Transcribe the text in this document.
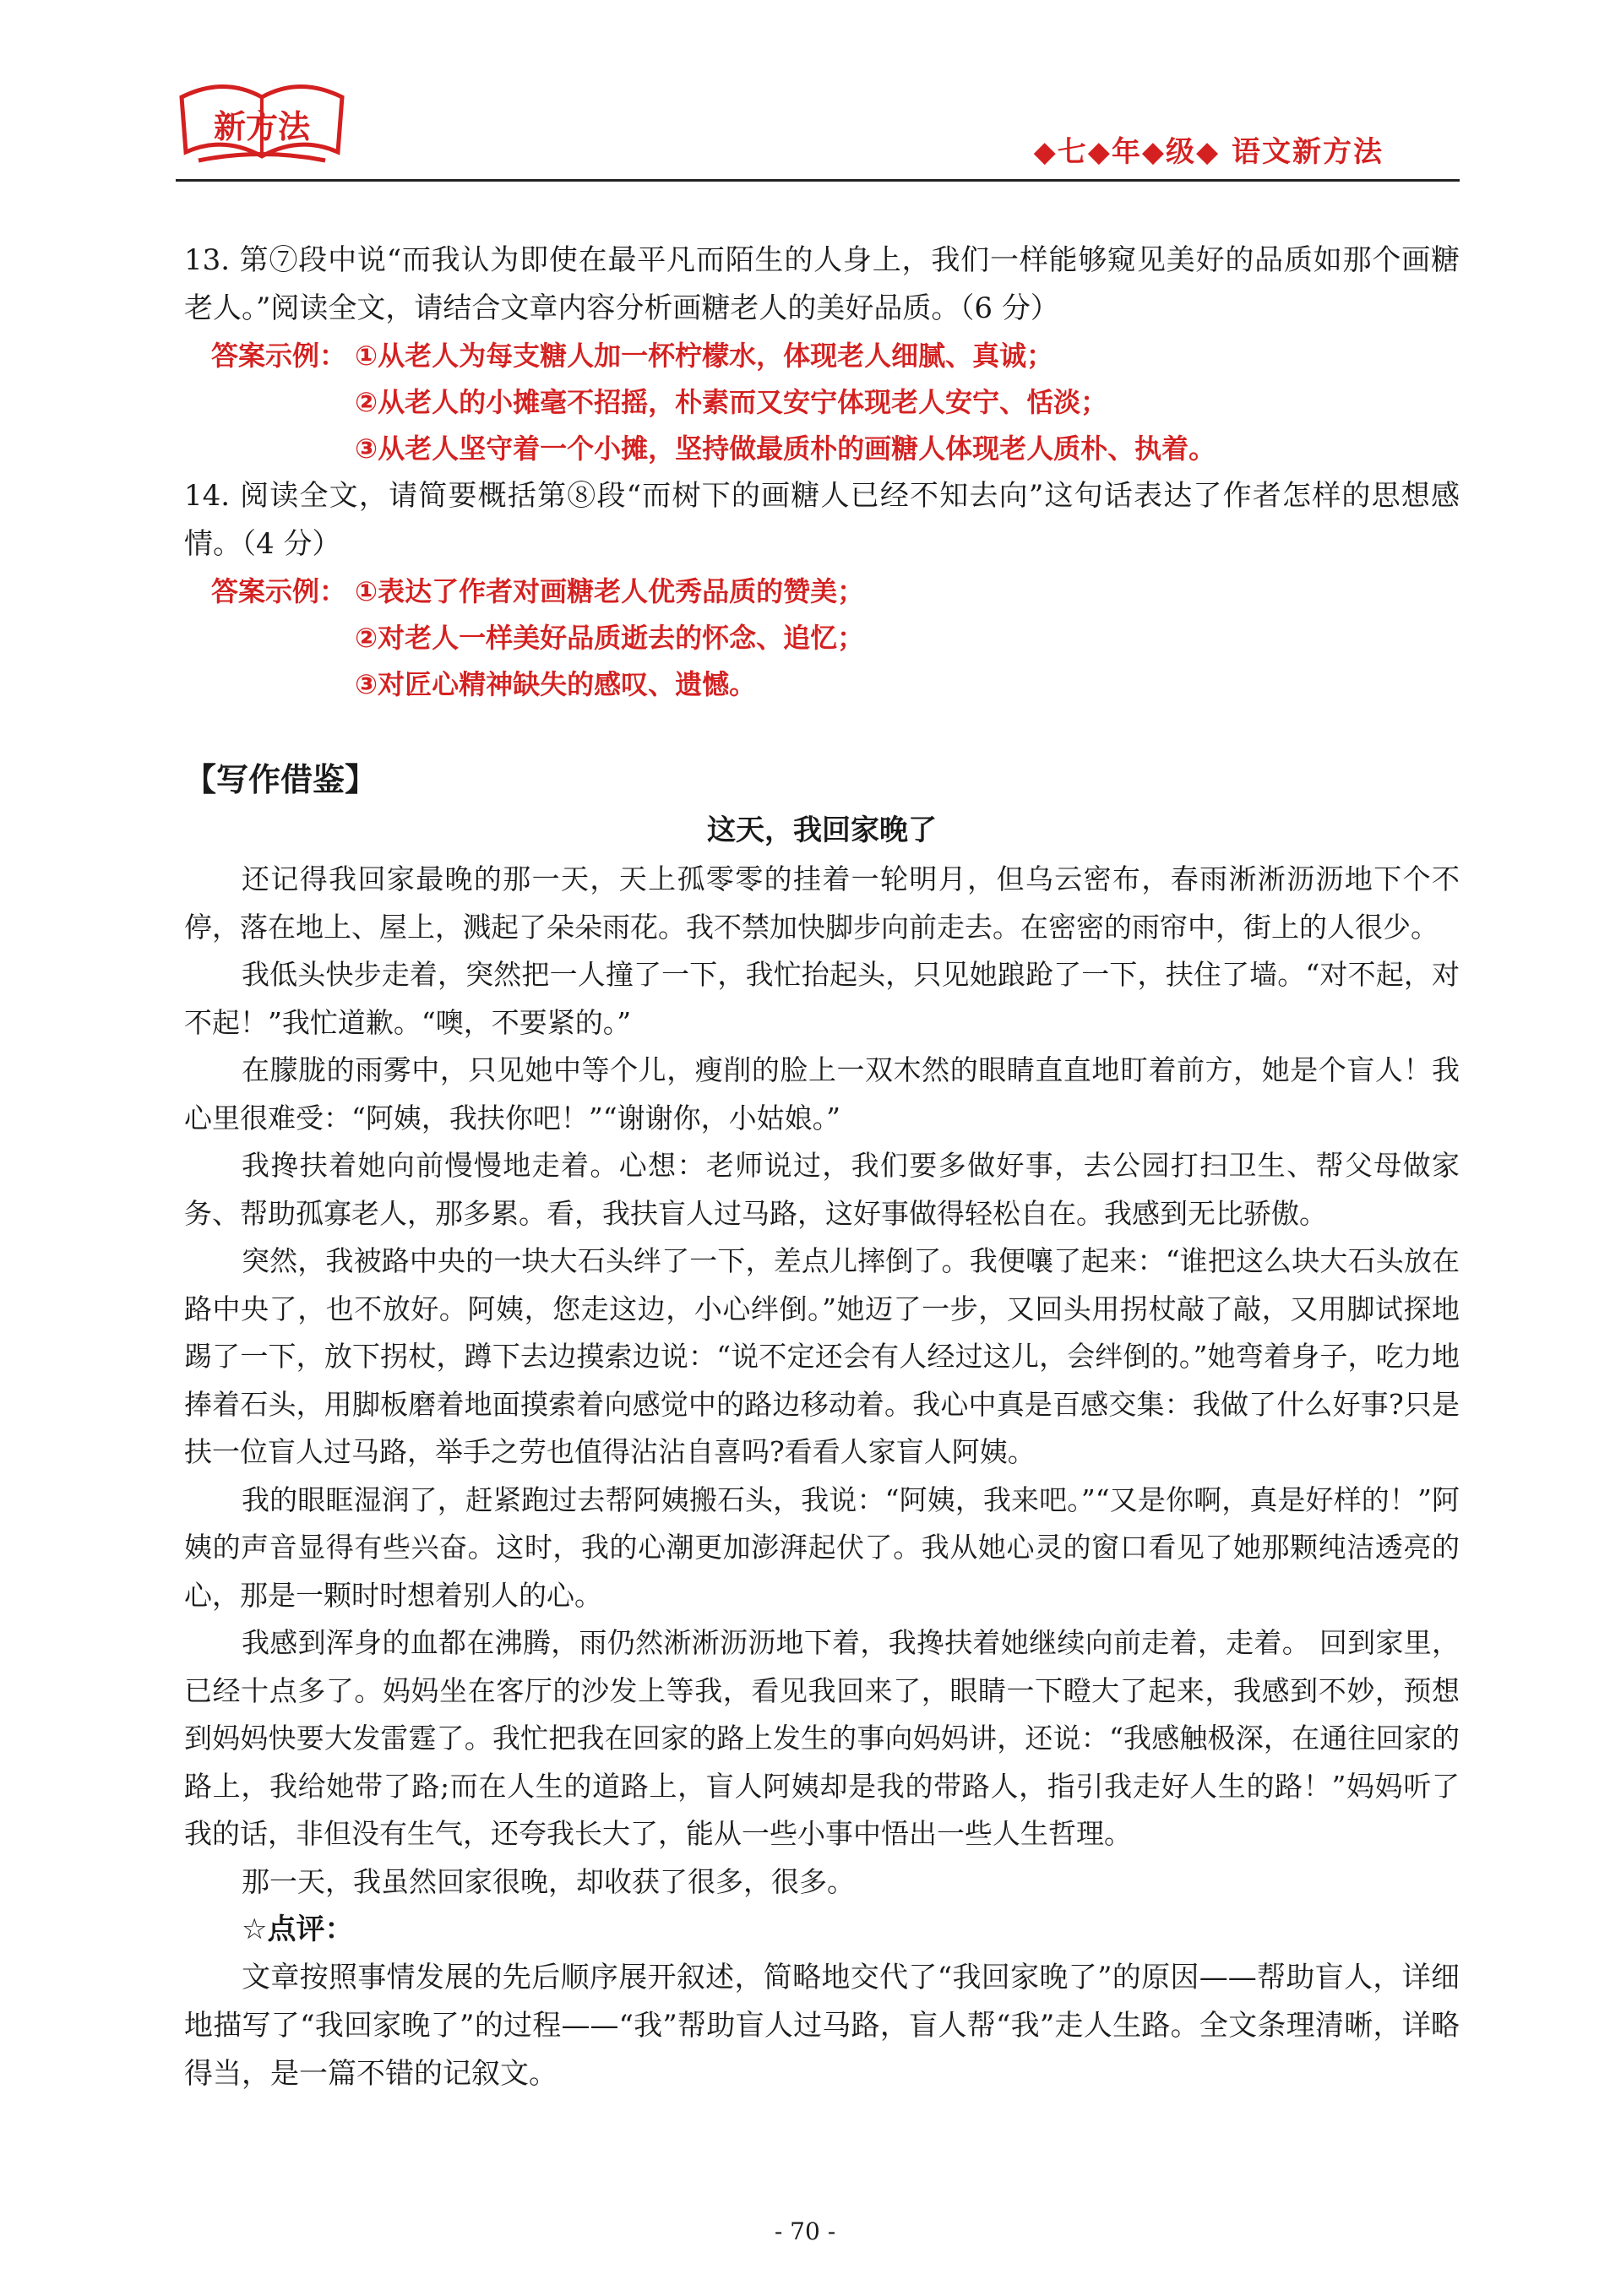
新方法
◆七◆年◆级◆ 语文新方法

13. 第⑦段中说“而我认为即使在最平凡而陌生的人身上，我们一样能够窥见美好的品质如那个画糖老人。”阅读全文，请结合文章内容分析画糖老人的美好品质。（6 分）

答案示例： ①从老人为每支糖人加一杯柠檬水，体现老人细腻、真诚；
②从老人的小摊毫不招摇，朴素而又安宁体现老人安宁、恬淡；
③从老人坚守着一个小摊，坚持做最质朴的画糖人体现老人质朴、执着。

14. 阅读全文，请简要概括第⑧段“而树下的画糖人已经不知去向”这句话表达了作者怎样的思想感情。（4 分）

答案示例： ①表达了作者对画糖老人优秀品质的赞美；
②对老人一样美好品质逝去的怀念、追忆；
③对匠心精神缺失的感叹、遗憾。
【写作借鉴】
这天，我回家晚了

还记得我回家最晚的那一天，天上孤零零的挂着一轮明月，但乌云密布，春雨淅淅沥沥地下个不停，落在地上、屋上，溅起了朵朵雨花。我不禁加快脚步向前走去。在密密的雨帘中，街上的人很少。

我低头快步走着，突然把一人撞了一下，我忙抬起头，只见她踉跄了一下，扶住了墙。“对不起，对不起！”我忙道歉。“噢，不要紧的。”

在朦胧的雨雾中，只见她中等个儿，瘦削的脸上一双木然的眼睛直直地盯着前方，她是个盲人！我心里很难受：“阿姨，我扶你吧！”“谢谢你，小姑娘。”

我搀扶着她向前慢慢地走着。心想：老师说过，我们要多做好事，去公园打扫卫生、帮父母做家务、帮助孤寡老人，那多累。看，我扶盲人过马路，这好事做得轻松自在。我感到无比骄傲。

突然，我被路中央的一块大石头绊了一下，差点儿摔倒了。我便嚷了起来：“谁把这么块大石头放在路中央了，也不放好。阿姨，您走这边，小心绊倒。”她迈了一步，又回头用拐杖敲了敲，又用脚试探地踢了一下，放下拐杖，蹲下去边摸索边说：“说不定还会有人经过这儿，会绊倒的。”她弯着身子，吃力地捧着石头，用脚板磨着地面摸索着向感觉中的路边移动着。我心中真是百感交集：我做了什么好事?只是扶一位盲人过马路，举手之劳也值得沾沾自喜吗?看看人家盲人阿姨。

我的眼眶湿润了，赶紧跑过去帮阿姨搬石头，我说：“阿姨，我来吧。”“又是你啊，真是好样的！”阿姨的声音显得有些兴奋。这时，我的心潮更加澎湃起伏了。我从她心灵的窗口看见了她那颗纯洁透亮的心，那是一颗时时想着别人的心。

我感到浑身的血都在沸腾，雨仍然淅淅沥沥地下着，我搀扶着她继续向前走着，走着。 回到家里，已经十点多了。妈妈坐在客厅的沙发上等我，看见我回来了，眼睛一下瞪大了起来，我感到不妙，预想到妈妈快要大发雷霆了。我忙把我在回家的路上发生的事向妈妈讲，还说：“我感触极深，在通往回家的路上，我给她带了路;而在人生的道路上，盲人阿姨却是我的带路人，指引我走好人生的路！”妈妈听了我的话，非但没有生气，还夸我长大了，能从一些小事中悟出一些人生哲理。

那一天，我虽然回家很晚，却收获了很多，很多。

☆点评：

文章按照事情发展的先后顺序展开叙述，简略地交代了“我回家晚了”的原因——帮助盲人，详细地描写了“我回家晚了”的过程——“我”帮助盲人过马路，盲人帮“我”走人生路。全文条理清晰，详略得当，是一篇不错的记叙文。

- 70 -
